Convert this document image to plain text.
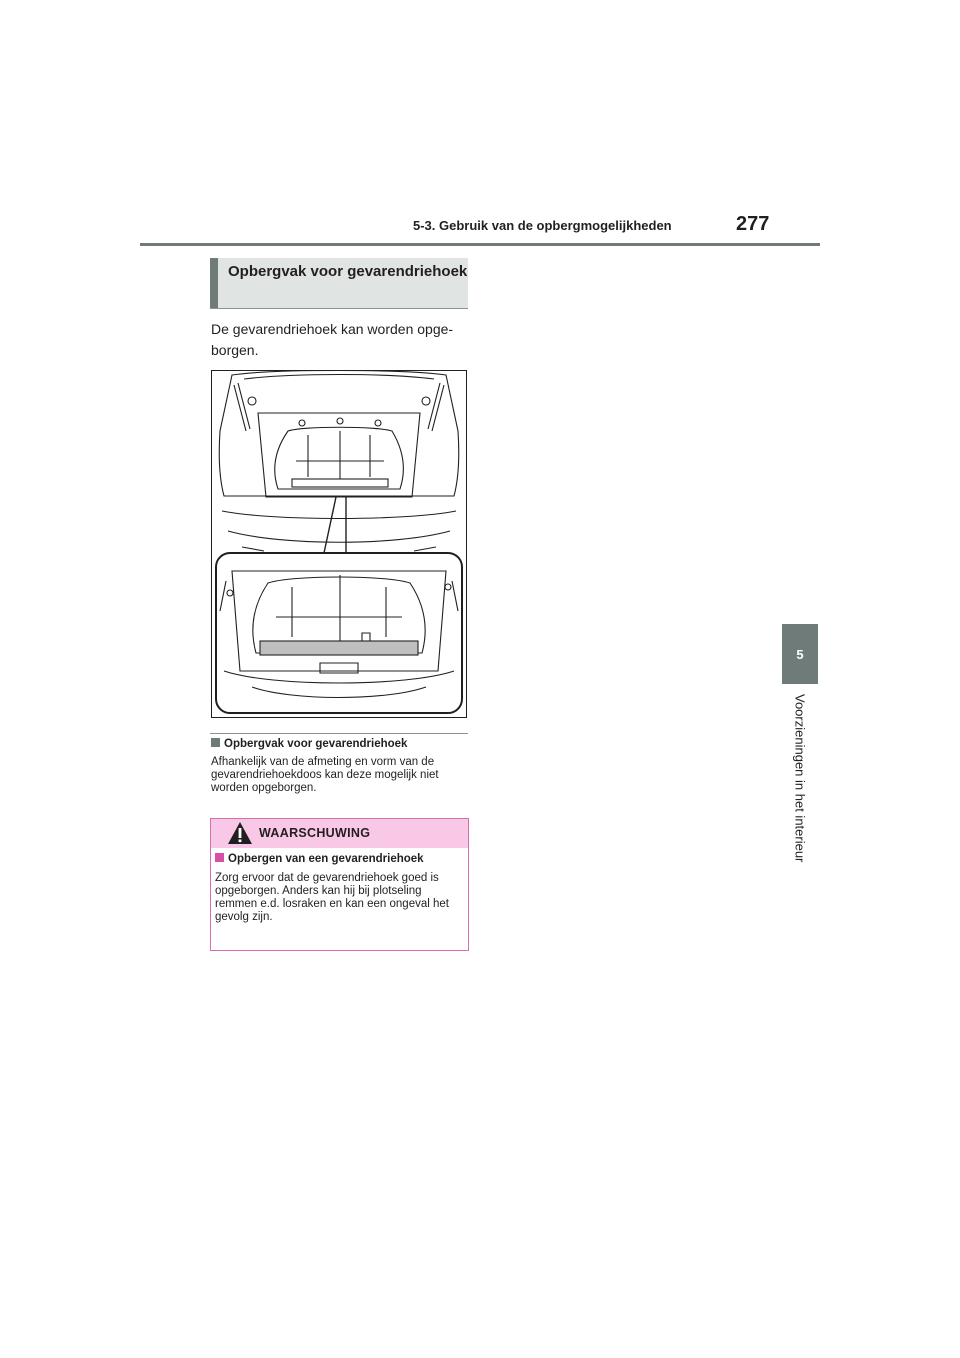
5-3. Gebruik van de opbergmogelijkheden	277
5
Voorzieningen in het interieur
Opbergvak voor gevarendriehoek
De gevarendriehoek kan worden opge-borgen.
Opbergvak voor gevarendriehoek
Afhankelijk van de afmeting en vorm van de gevarendriehoekdoos kan deze mogelijk niet worden opgeborgen.
WAARSCHUWING
Opbergen van een gevarendriehoek
Zorg ervoor dat de gevarendriehoek goed is opgeborgen. Anders kan hij bij plotseling remmen e.d. losraken en kan een ongeval het gevolg zijn.
